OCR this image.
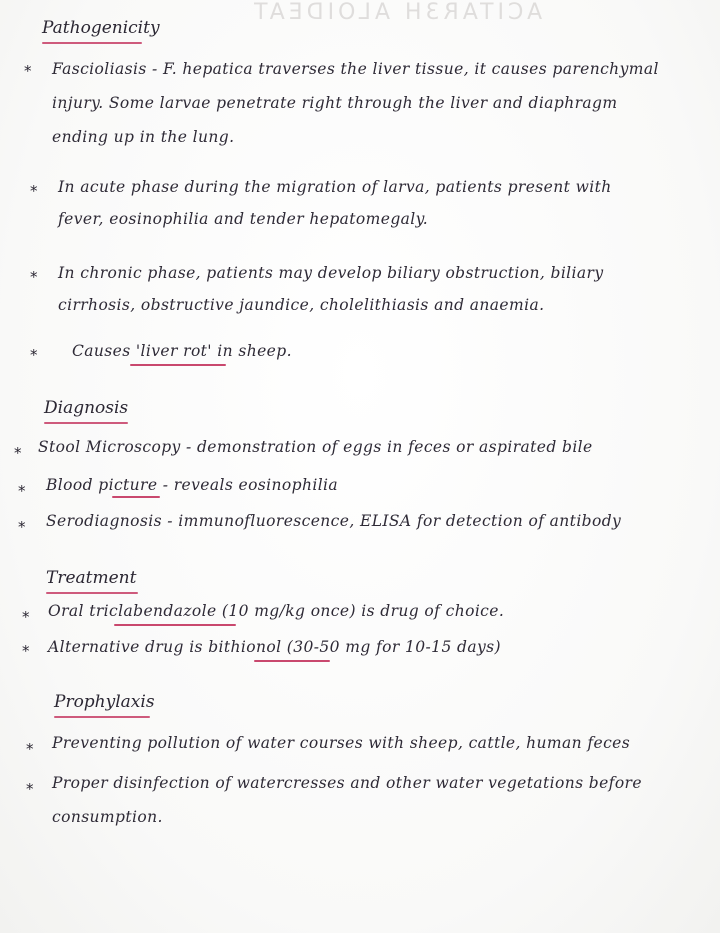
ACITAR3H ALOIDEAT
Pathogenicity
* Fascioliasis - F. hepatica traverses the liver tissue, it causes parenchymal
injury. Some larvae penetrate right through the liver and diaphragm
ending up in the lung.
* In acute phase during the migration of larva, patients present with
fever, eosinophilia and tender hepatomegaly.
* In chronic phase, patients may develop biliary obstruction, biliary
cirrhosis, obstructive jaundice, cholelithiasis and anaemia.
* Causes 'liver rot' in sheep.
Diagnosis
* Stool Microscopy - demonstration of eggs in feces or aspirated bile
* Blood picture - reveals eosinophilia
* Serodiagnosis - immunofluorescence, ELISA for detection of antibody
Treatment
* Oral triclabendazole (10 mg/kg once) is drug of choice.
* Alternative drug is bithionol (30-50 mg for 10-15 days)
Prophylaxis
* Preventing pollution of water courses with sheep, cattle, human feces
* Proper disinfection of watercresses and other water vegetations before
consumption.
